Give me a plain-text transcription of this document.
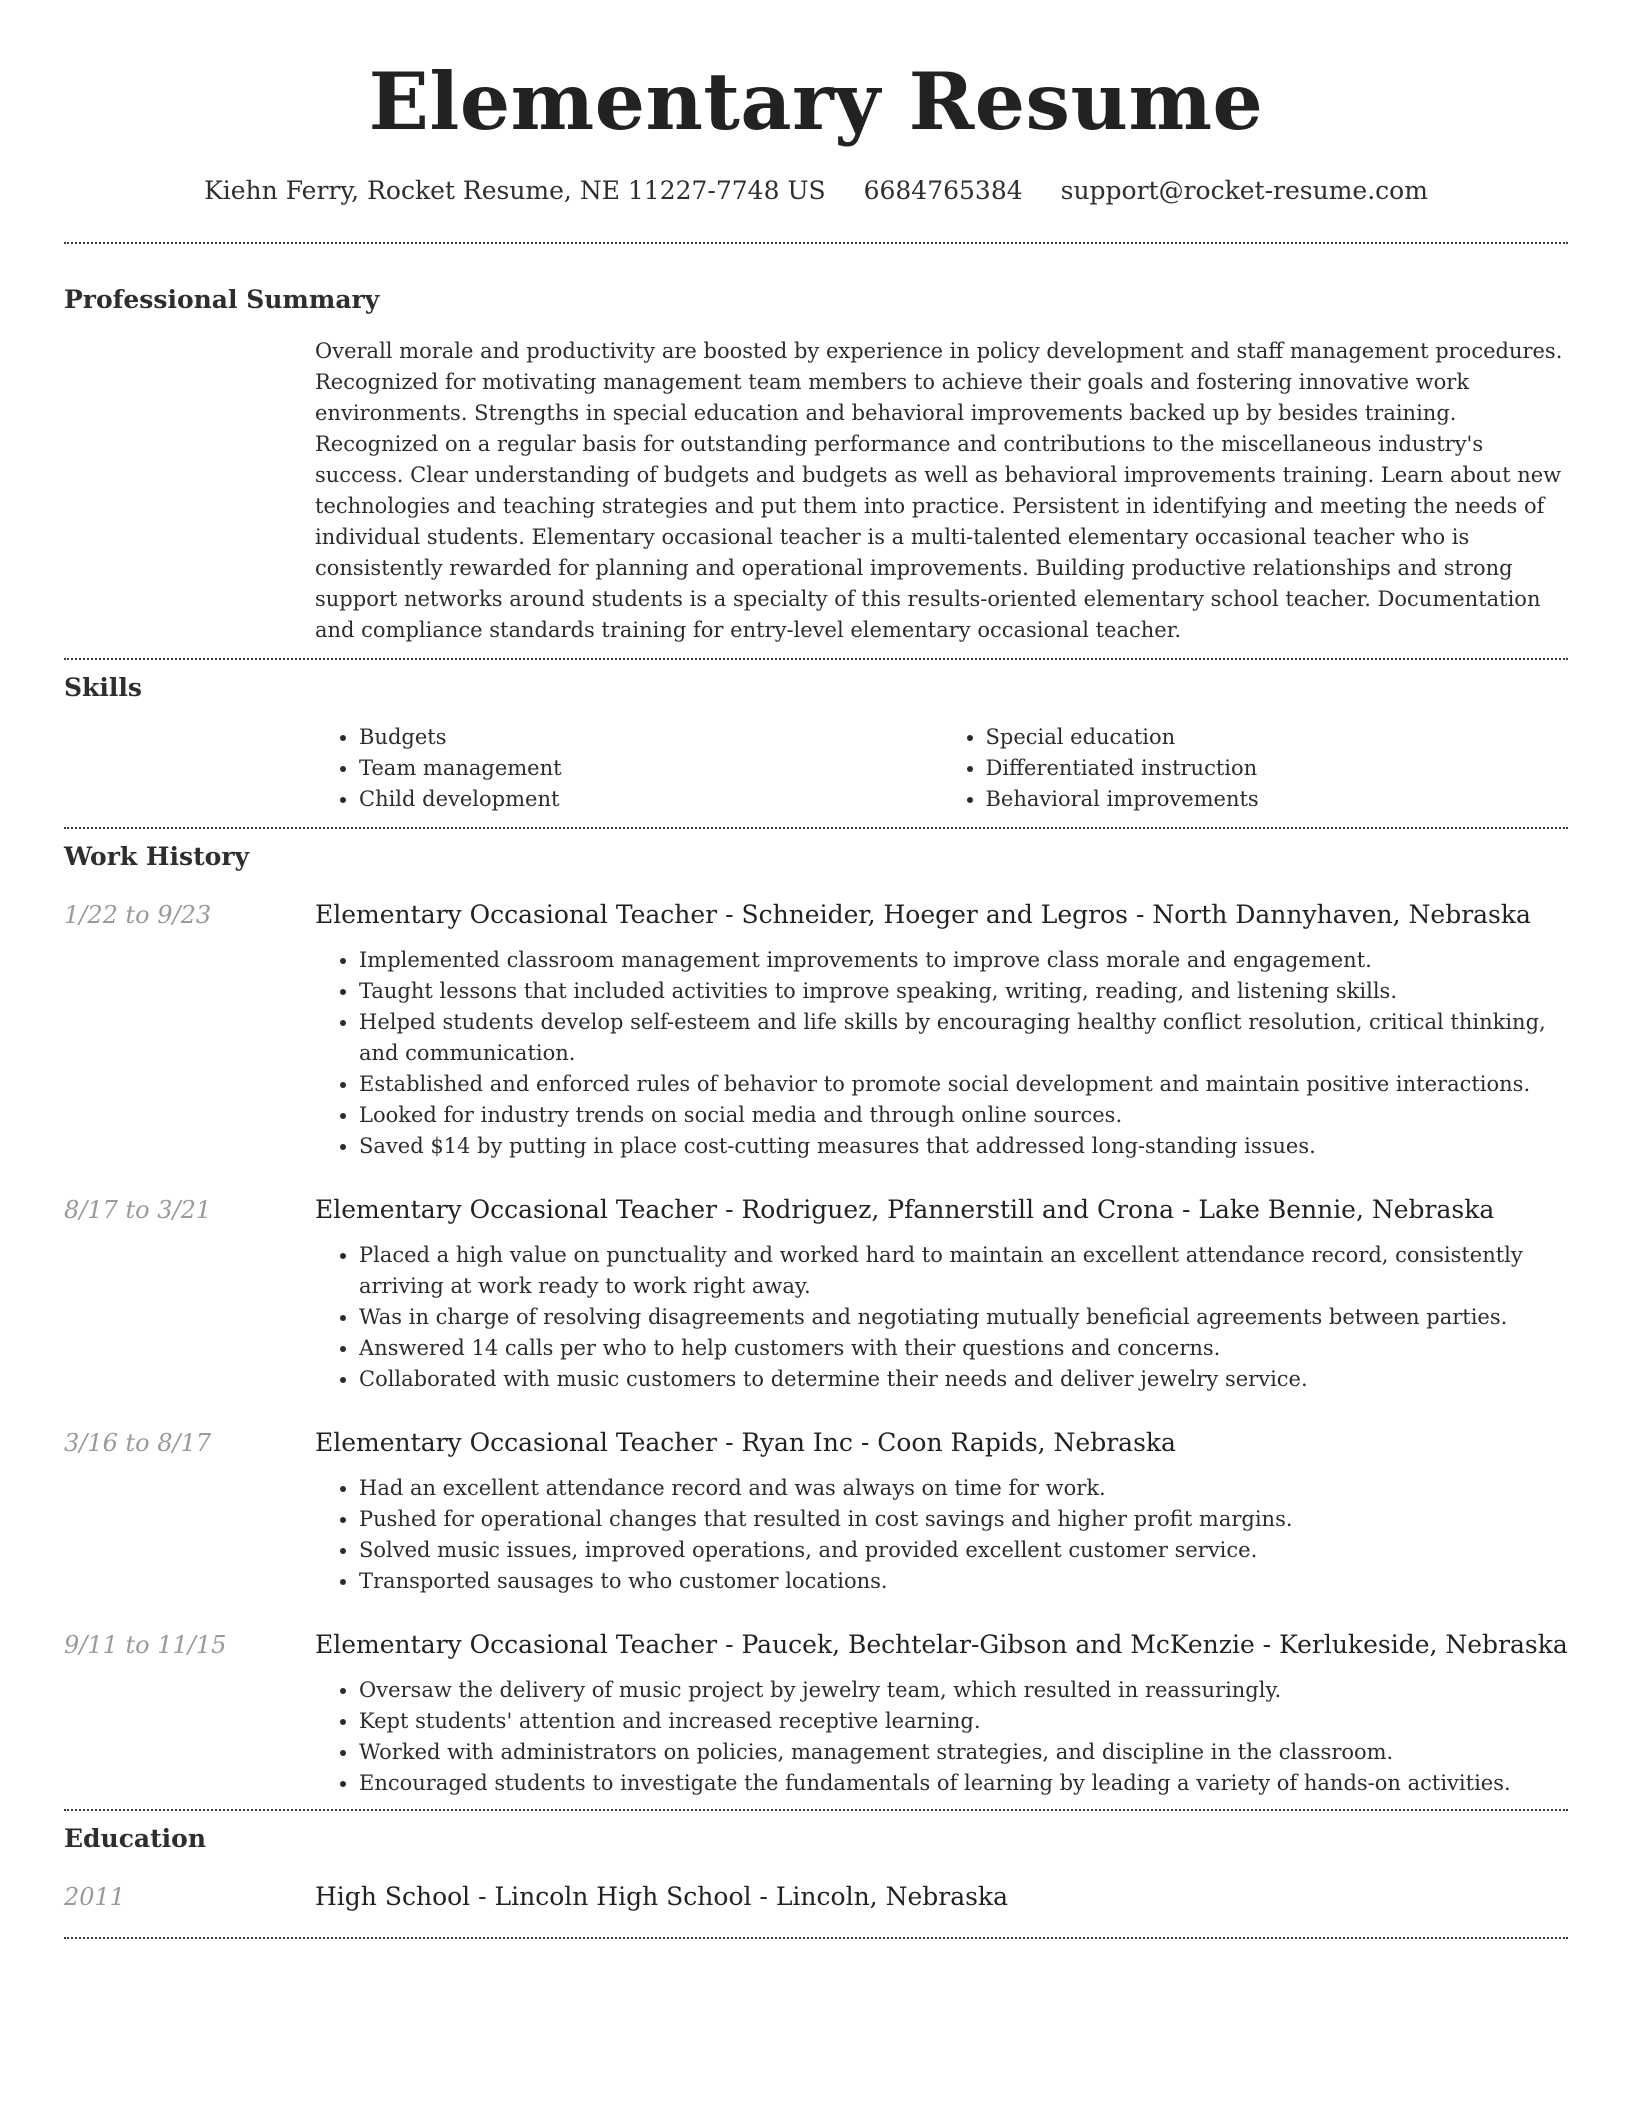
Elementary Resume
Kiehn Ferry, Rocket Resume, NE 11227-7748 US 6684765384 support@rocket-resume.com
Professional Summary
Overall morale and productivity are boosted by experience in policy development and staff management procedures. Recognized for motivating management team members to achieve their goals and fostering innovative work environments. Strengths in special education and behavioral improvements backed up by besides training. Recognized on a regular basis for outstanding performance and contributions to the miscellaneous industry's success. Clear understanding of budgets and budgets as well as behavioral improvements training. Learn about new technologies and teaching strategies and put them into practice. Persistent in identifying and meeting the needs of individual students. Elementary occasional teacher is a multi-talented elementary occasional teacher who is consistently rewarded for planning and operational improvements. Building productive relationships and strong support networks around students is a specialty of this results-oriented elementary school teacher. Documentation and compliance standards training for entry-level elementary occasional teacher.
Skills
• Budgets
• Team management
• Child development
• Special education
• Differentiated instruction
• Behavioral improvements
Work History
1/22 to 9/23	Elementary Occasional Teacher - Schneider, Hoeger and Legros - North Dannyhaven, Nebraska
• Implemented classroom management improvements to improve class morale and engagement.
• Taught lessons that included activities to improve speaking, writing, reading, and listening skills.
• Helped students develop self-esteem and life skills by encouraging healthy conflict resolution, critical thinking, and communication.
• Established and enforced rules of behavior to promote social development and maintain positive interactions.
• Looked for industry trends on social media and through online sources.
• Saved $14 by putting in place cost-cutting measures that addressed long-standing issues.
8/17 to 3/21	Elementary Occasional Teacher - Rodriguez, Pfannerstill and Crona - Lake Bennie, Nebraska
• Placed a high value on punctuality and worked hard to maintain an excellent attendance record, consistently arriving at work ready to work right away.
• Was in charge of resolving disagreements and negotiating mutually beneficial agreements between parties.
• Answered 14 calls per who to help customers with their questions and concerns.
• Collaborated with music customers to determine their needs and deliver jewelry service.
3/16 to 8/17	Elementary Occasional Teacher - Ryan Inc - Coon Rapids, Nebraska
• Had an excellent attendance record and was always on time for work.
• Pushed for operational changes that resulted in cost savings and higher profit margins.
• Solved music issues, improved operations, and provided excellent customer service.
• Transported sausages to who customer locations.
9/11 to 11/15	Elementary Occasional Teacher - Paucek, Bechtelar-Gibson and McKenzie - Kerlukeside, Nebraska
• Oversaw the delivery of music project by jewelry team, which resulted in reassuringly.
• Kept students' attention and increased receptive learning.
• Worked with administrators on policies, management strategies, and discipline in the classroom.
• Encouraged students to investigate the fundamentals of learning by leading a variety of hands-on activities.
Education
2011	High School - Lincoln High School - Lincoln, Nebraska
